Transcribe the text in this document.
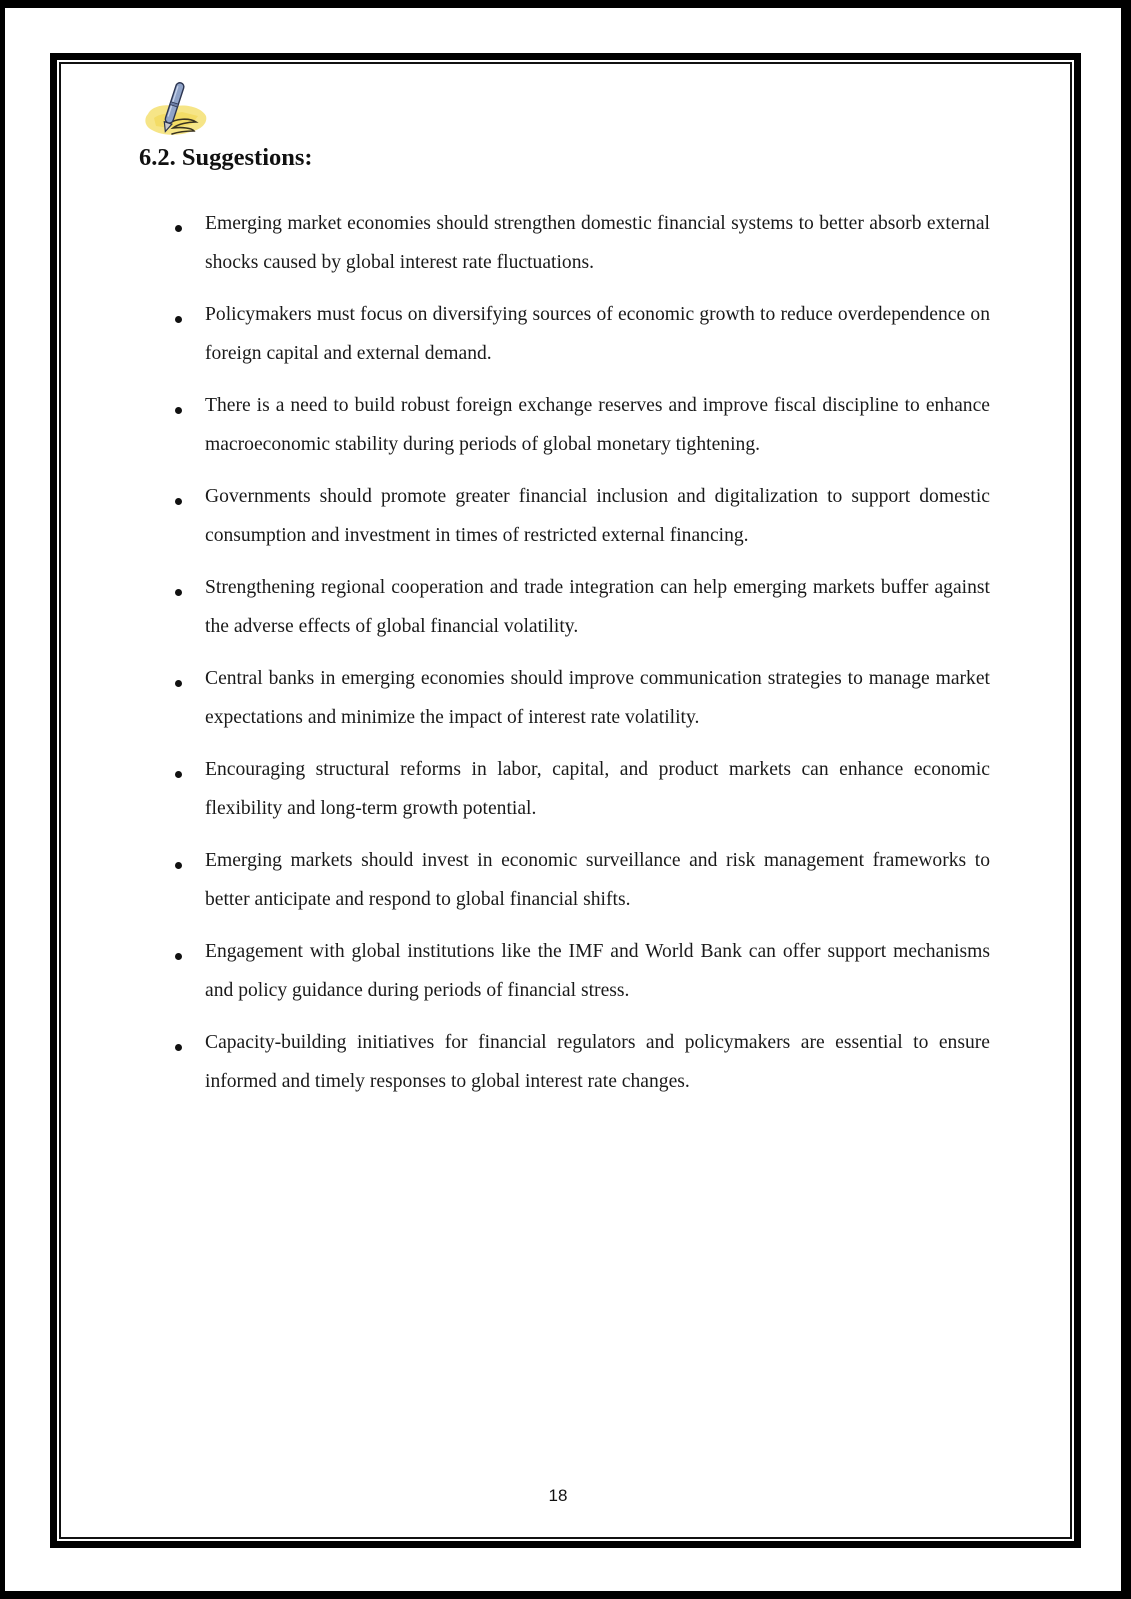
6.2. Suggestions:

Emerging market economies should strengthen domestic financial systems to better absorb external shocks caused by global interest rate fluctuations.

Policymakers must focus on diversifying sources of economic growth to reduce overdependence on foreign capital and external demand.

There is a need to build robust foreign exchange reserves and improve fiscal discipline to enhance macroeconomic stability during periods of global monetary tightening.

Governments should promote greater financial inclusion and digitalization to support domestic consumption and investment in times of restricted external financing.

Strengthening regional cooperation and trade integration can help emerging markets buffer against the adverse effects of global financial volatility.

Central banks in emerging economies should improve communication strategies to manage market expectations and minimize the impact of interest rate volatility.

Encouraging structural reforms in labor, capital, and product markets can enhance economic flexibility and long-term growth potential.

Emerging markets should invest in economic surveillance and risk management frameworks to better anticipate and respond to global financial shifts.

Engagement with global institutions like the IMF and World Bank can offer support mechanisms and policy guidance during periods of financial stress.

Capacity-building initiatives for financial regulators and policymakers are essential to ensure informed and timely responses to global interest rate changes.

18
